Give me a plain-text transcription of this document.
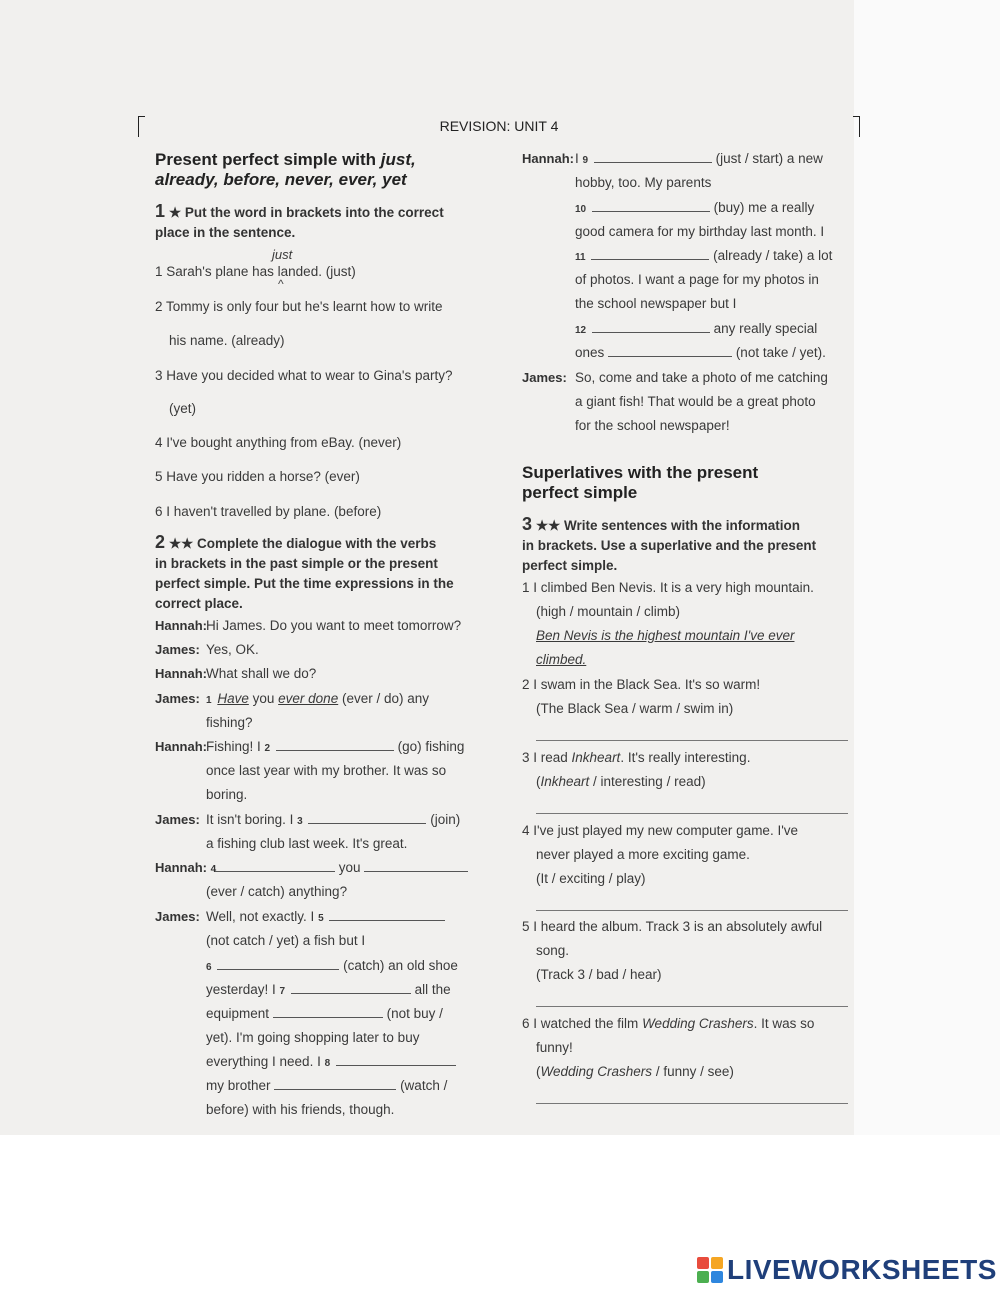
REVISION: UNIT 4
Present perfect simple with just,
already, before, never, ever, yet
1 ★ Put the word in brackets into the correct
place in the sentence.
just
1 Sarah's plane has landed. (just)
^
2 Tommy is only four but he's learnt how to write
his name. (already)
3 Have you decided what to wear to Gina's party?
(yet)
4 I've bought anything from eBay. (never)
5 Have you ridden a horse? (ever)
6 I haven't travelled by plane. (before)
2 ★★ Complete the dialogue with the verbs
in brackets in the past simple or the present
perfect simple. Put the time expressions in the
correct place.
Hannah: Hi James. Do you want to meet tomorrow?
James: Yes, OK.
Hannah: What shall we do?
James: 1 Have you ever done (ever / do) any
fishing?
Hannah: Fishing! I 2	(go) fishing
once last year with my brother. It was so
boring.
James: It isn't boring. I 3	(join)
a fishing club last week. It's great.
Hannah: 4	you
(ever / catch) anything?
James: Well, not exactly. I 5
(not catch / yet) a fish but I
6	(catch) an old shoe
yesterday! I 7	all the
equipment	(not buy /
yet). I'm going shopping later to buy
everything I need. I 8
my brother	(watch /
before) with his friends, though.
Hannah: I 9	(just / start) a new
hobby, too. My parents
10	(buy) me a really
good camera for my birthday last month. I
11	(already / take) a lot
of photos. I want a page for my photos in
the school newspaper but I
12	any really special
ones	(not take / yet).
James: So, come and take a photo of me catching
a giant fish! That would be a great photo
for the school newspaper!
Superlatives with the present
perfect simple
3 ★★ Write sentences with the information
in brackets. Use a superlative and the present
perfect simple.
1 I climbed Ben Nevis. It is a very high mountain.
(high / mountain / climb)
Ben Nevis is the highest mountain I've ever
climbed.
2 I swam in the Black Sea. It's so warm!
(The Black Sea / warm / swim in)
3 I read Inkheart. It's really interesting.
(Inkheart / interesting / read)
4 I've just played my new computer game. I've
never played a more exciting game.
(It / exciting / play)
5 I heard the album. Track 3 is an absolutely awful
song.
(Track 3 / bad / hear)
6 I watched the film Wedding Crashers. It was so
funny!
(Wedding Crashers / funny / see)
LIVEWORKSHEETS
